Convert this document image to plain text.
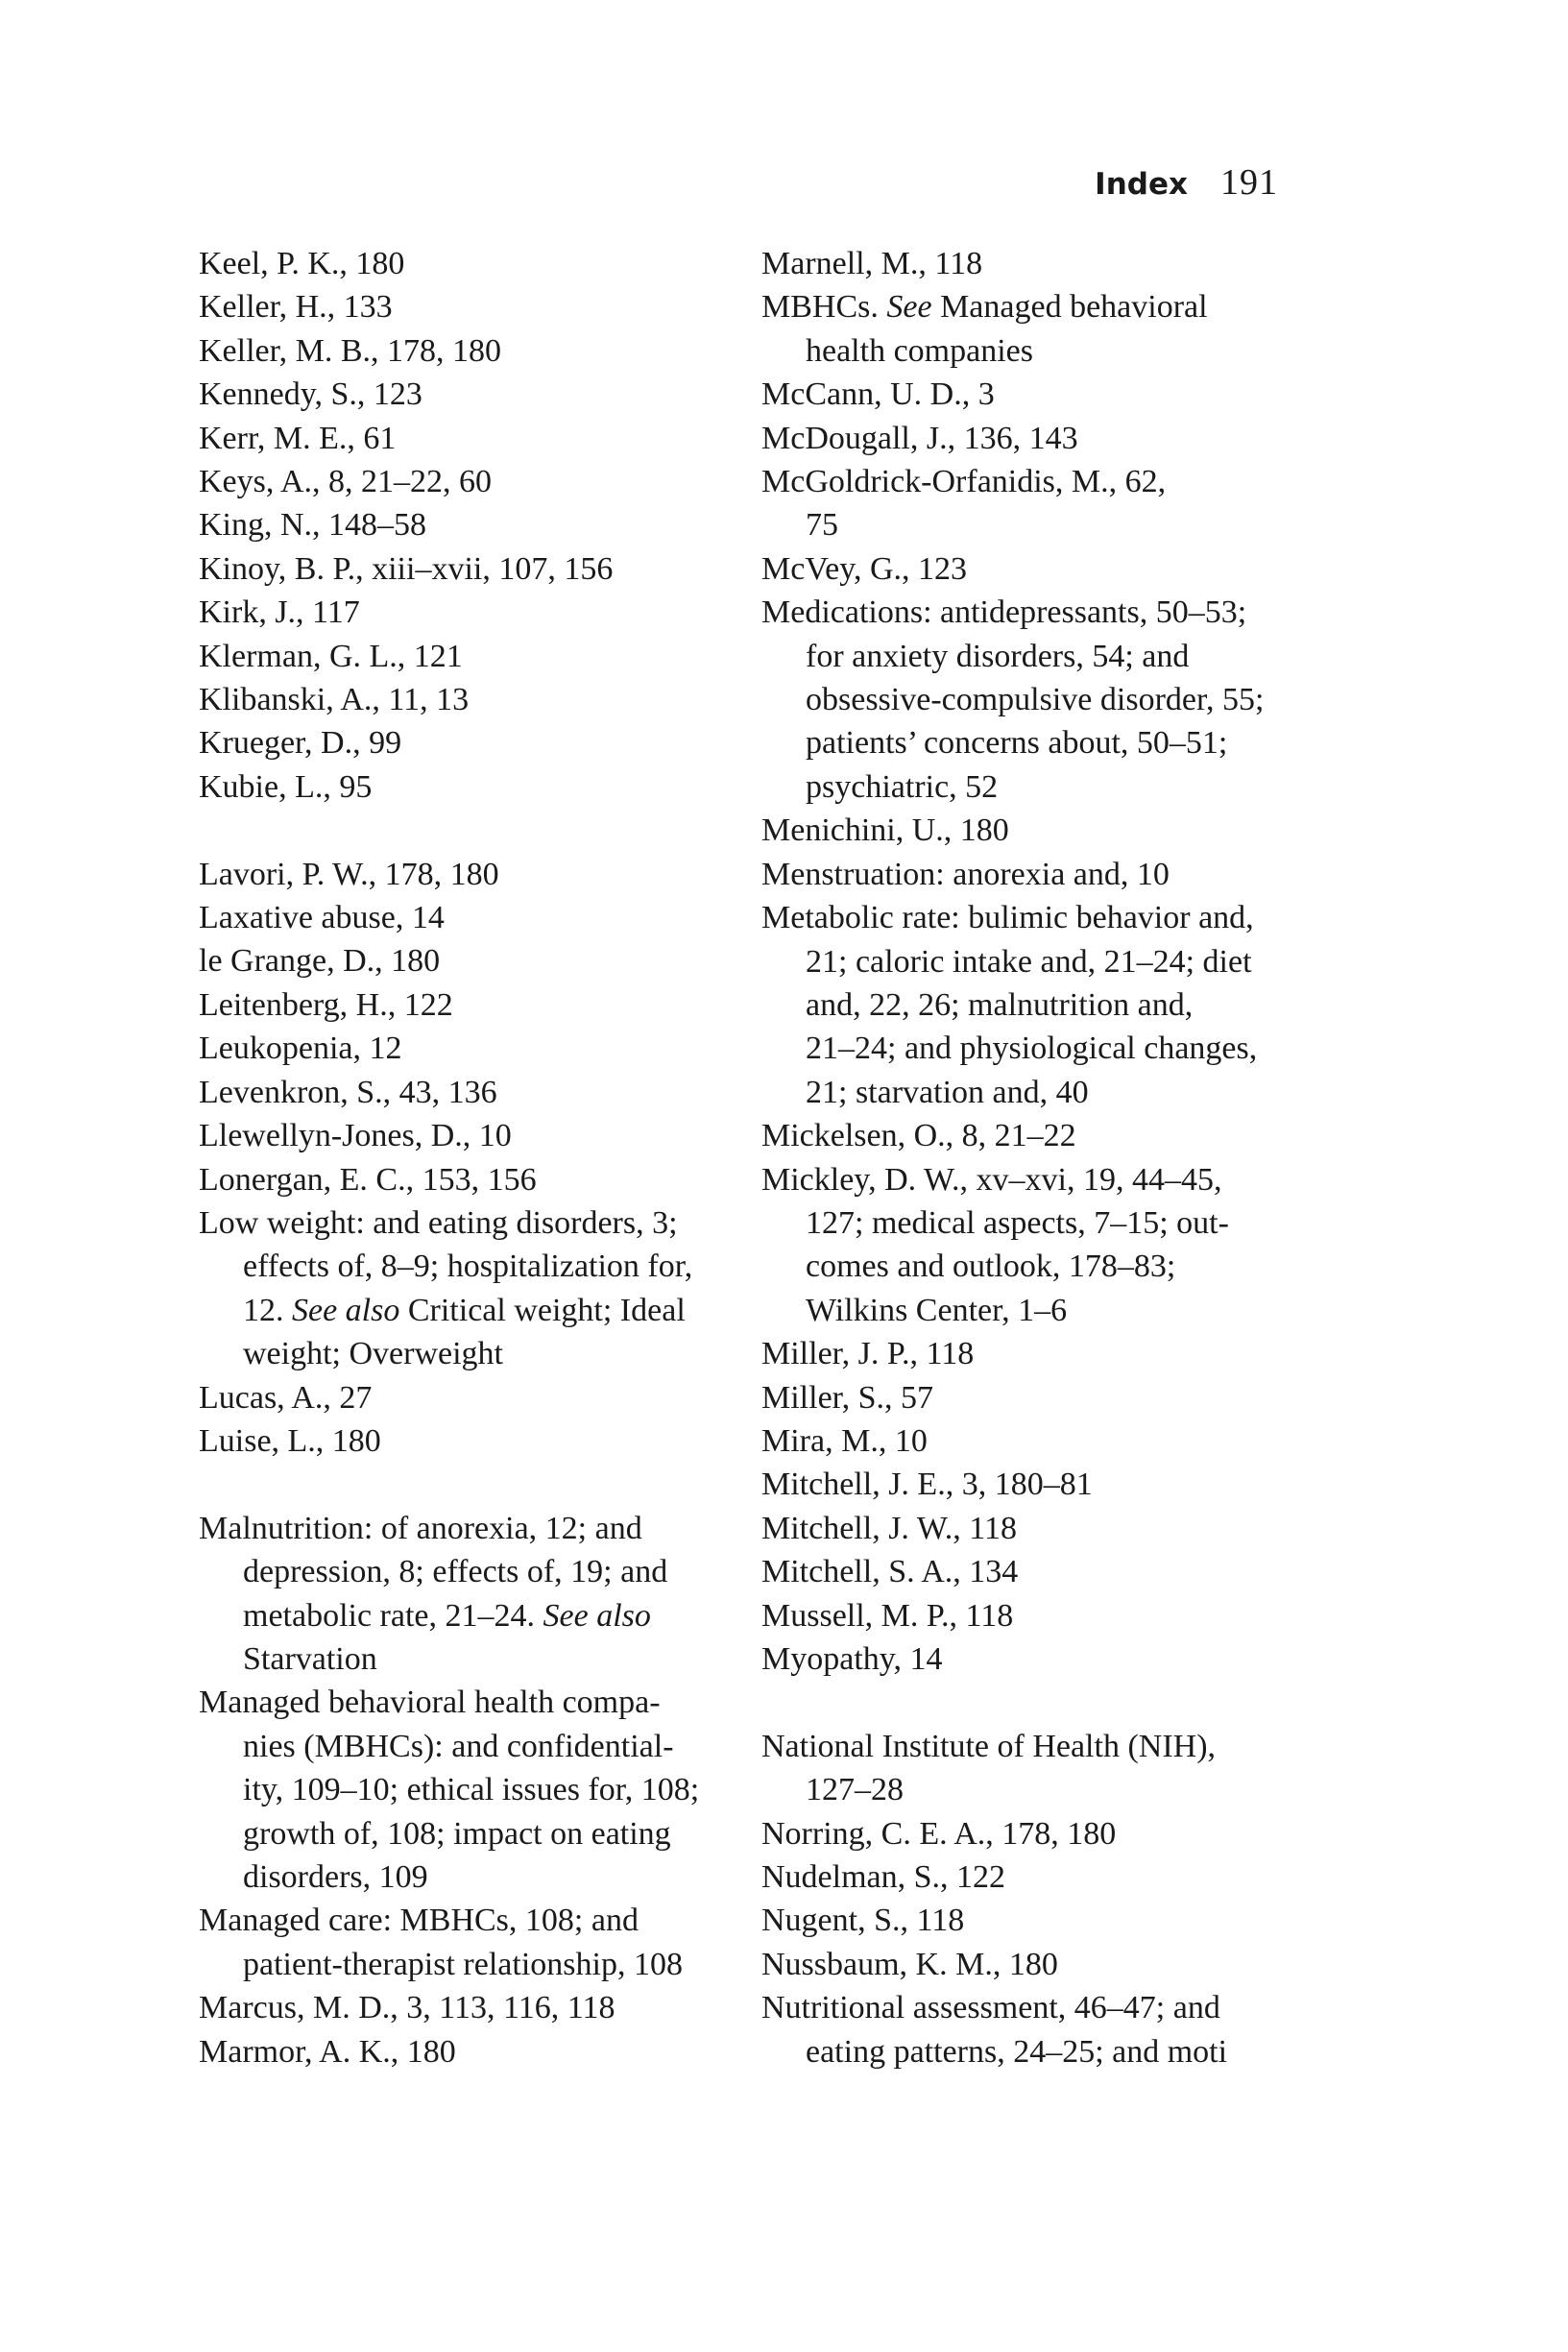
Index 191
Keel, P. K., 180
Keller, H., 133
Keller, M. B., 178, 180
Kennedy, S., 123
Kerr, M. E., 61
Keys, A., 8, 21–22, 60
King, N., 148–58
Kinoy, B. P., xiii–xvii, 107, 156
Kirk, J., 117
Klerman, G. L., 121
Klibanski, A., 11, 13
Krueger, D., 99
Kubie, L., 95
Lavori, P. W., 178, 180
Laxative abuse, 14
le Grange, D., 180
Leitenberg, H., 122
Leukopenia, 12
Levenkron, S., 43, 136
Llewellyn-Jones, D., 10
Lonergan, E. C., 153, 156
Low weight: and eating disorders, 3;
effects of, 8–9; hospitalization for,
12. See also Critical weight; Ideal
weight; Overweight
Lucas, A., 27
Luise, L., 180
Malnutrition: of anorexia, 12; and
depression, 8; effects of, 19; and
metabolic rate, 21–24. See also
Starvation
Managed behavioral health compa-
nies (MBHCs): and confidential-
ity, 109–10; ethical issues for, 108;
growth of, 108; impact on eating
disorders, 109
Managed care: MBHCs, 108; and
patient-therapist relationship, 108
Marcus, M. D., 3, 113, 116, 118
Marmor, A. K., 180
Marnell, M., 118
MBHCs. See Managed behavioral
health companies
McCann, U. D., 3
McDougall, J., 136, 143
McGoldrick-Orfanidis, M., 62,
75
McVey, G., 123
Medications: antidepressants, 50–53;
for anxiety disorders, 54; and
obsessive-compulsive disorder, 55;
patients’ concerns about, 50–51;
psychiatric, 52
Menichini, U., 180
Menstruation: anorexia and, 10
Metabolic rate: bulimic behavior and,
21; caloric intake and, 21–24; diet
and, 22, 26; malnutrition and,
21–24; and physiological changes,
21; starvation and, 40
Mickelsen, O., 8, 21–22
Mickley, D. W., xv–xvi, 19, 44–45,
127; medical aspects, 7–15; out-
comes and outlook, 178–83;
Wilkins Center, 1–6
Miller, J. P., 118
Miller, S., 57
Mira, M., 10
Mitchell, J. E., 3, 180–81
Mitchell, J. W., 118
Mitchell, S. A., 134
Mussell, M. P., 118
Myopathy, 14
National Institute of Health (NIH),
127–28
Norring, C. E. A., 178, 180
Nudelman, S., 122
Nugent, S., 118
Nussbaum, K. M., 180
Nutritional assessment, 46–47; and
eating patterns, 24–25; and moti
